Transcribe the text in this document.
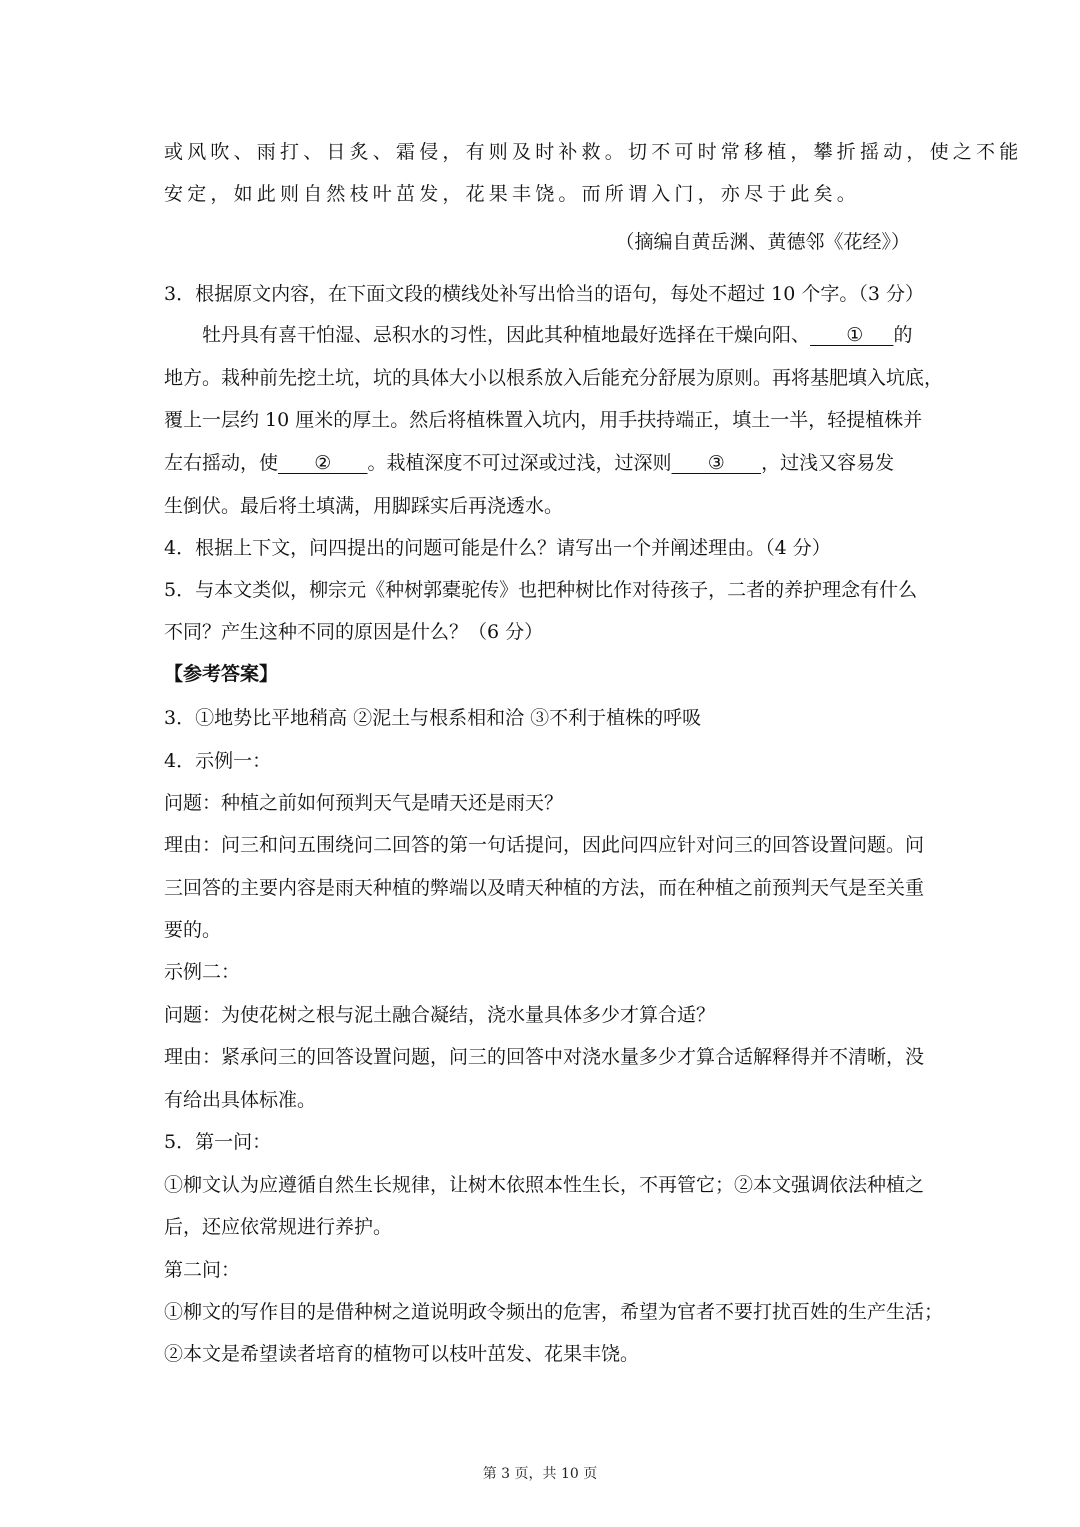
或风吹、雨打、日炙、霜侵，有则及时补救。切不可时常移植，攀折摇动，使之不能
安定，如此则自然枝叶茁发，花果丰饶。而所谓入门，亦尽于此矣。
（摘编自黄岳渊、黄德邻《花经》）
3．根据原文内容，在下面文段的横线处补写出恰当的语句，每处不超过 10 个字。（3 分）
牡丹具有喜干怕湿、忌积水的习性，因此其种植地最好选择在干燥向阳、      ①     的
地方。栽种前先挖土坑，坑的具体大小以根系放入后能充分舒展为原则。再将基肥填入坑底，
覆上一层约 10 厘米的厚土。然后将植株置入坑内，用手扶持端正，填土一半，轻提植株并
左右摇动，使      ②      。栽植深度不可过深或过浅，过深则      ③      ，过浅又容易发
生倒伏。最后将土填满，用脚踩实后再浇透水。
4．根据上下文，问四提出的问题可能是什么？请写出一个并阐述理由。（4 分）
5．与本文类似，柳宗元《种树郭橐驼传》也把种树比作对待孩子，二者的养护理念有什么
不同？产生这种不同的原因是什么？（6 分）
【参考答案】
3．①地势比平地稍高 ②泥土与根系相和洽 ③不利于植株的呼吸
4．示例一：
问题：种植之前如何预判天气是晴天还是雨天？
理由：问三和问五围绕问二回答的第一句话提问，因此问四应针对问三的回答设置问题。问
三回答的主要内容是雨天种植的弊端以及晴天种植的方法，而在种植之前预判天气是至关重
要的。
示例二：
问题：为使花树之根与泥土融合凝结，浇水量具体多少才算合适？
理由：紧承问三的回答设置问题，问三的回答中对浇水量多少才算合适解释得并不清晰，没
有给出具体标准。
5．第一问：
①柳文认为应遵循自然生长规律，让树木依照本性生长，不再管它；②本文强调依法种植之
后，还应依常规进行养护。
第二问：
①柳文的写作目的是借种树之道说明政令频出的危害，希望为官者不要打扰百姓的生产生活；
②本文是希望读者培育的植物可以枝叶茁发、花果丰饶。
第 3 页，共 10 页
